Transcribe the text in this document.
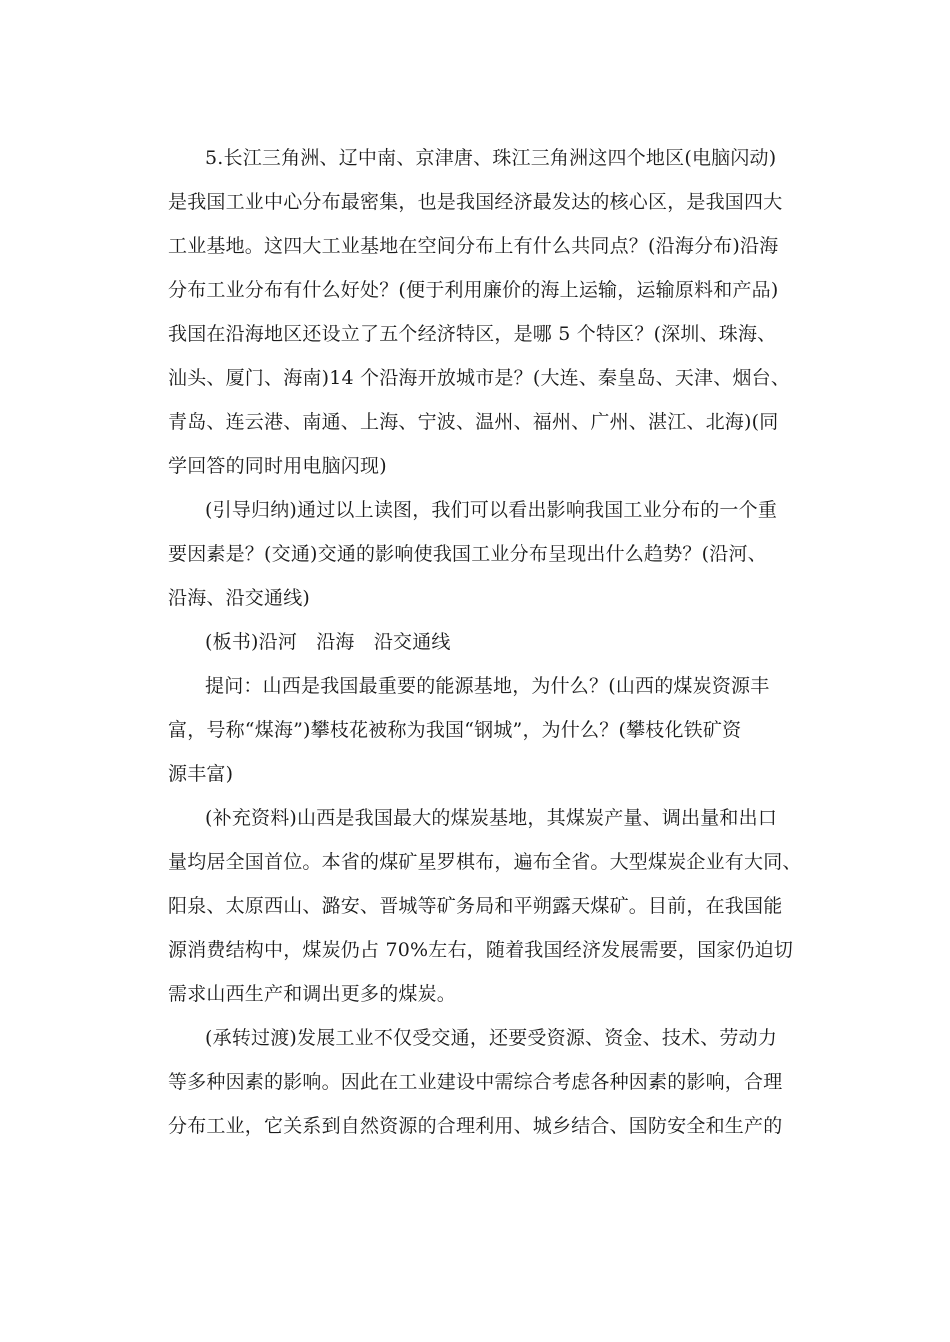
5.长江三角洲、辽中南、京津唐、珠江三角洲这四个地区(电脑闪动)
是我国工业中心分布最密集，也是我国经济最发达的核心区，是我国四大
工业基地。这四大工业基地在空间分布上有什么共同点？(沿海分布)沿海
分布工业分布有什么好处？(便于利用廉价的海上运输，运输原料和产品)
我国在沿海地区还设立了五个经济特区，是哪 5 个特区？(深圳、珠海、
汕头、厦门、海南)14 个沿海开放城市是？(大连、秦皇岛、天津、烟台、
青岛、连云港、南通、上海、宁波、温州、福州、广州、湛江、北海)(同
学回答的同时用电脑闪现)
(引导归纳)通过以上读图，我们可以看出影响我国工业分布的一个重
要因素是？(交通)交通的影响使我国工业分布呈现出什么趋势？(沿河、
沿海、沿交通线)
(板书)沿河　沿海　沿交通线
提问：山西是我国最重要的能源基地，为什么？(山西的煤炭资源丰
富，号称“煤海”)攀枝花被称为我国“钢城”，为什么？(攀枝化铁矿资
源丰富)
(补充资料)山西是我国最大的煤炭基地，其煤炭产量、调出量和出口
量均居全国首位。本省的煤矿星罗棋布，遍布全省。大型煤炭企业有大同、
阳泉、太原西山、潞安、晋城等矿务局和平朔露天煤矿。目前，在我国能
源消费结构中，煤炭仍占 70%左右，随着我国经济发展需要，国家仍迫切
需求山西生产和调出更多的煤炭。
(承转过渡)发展工业不仅受交通，还要受资源、资金、技术、劳动力
等多种因素的影响。因此在工业建设中需综合考虑各种因素的影响，合理
分布工业，它关系到自然资源的合理利用、城乡结合、国防安全和生产的
